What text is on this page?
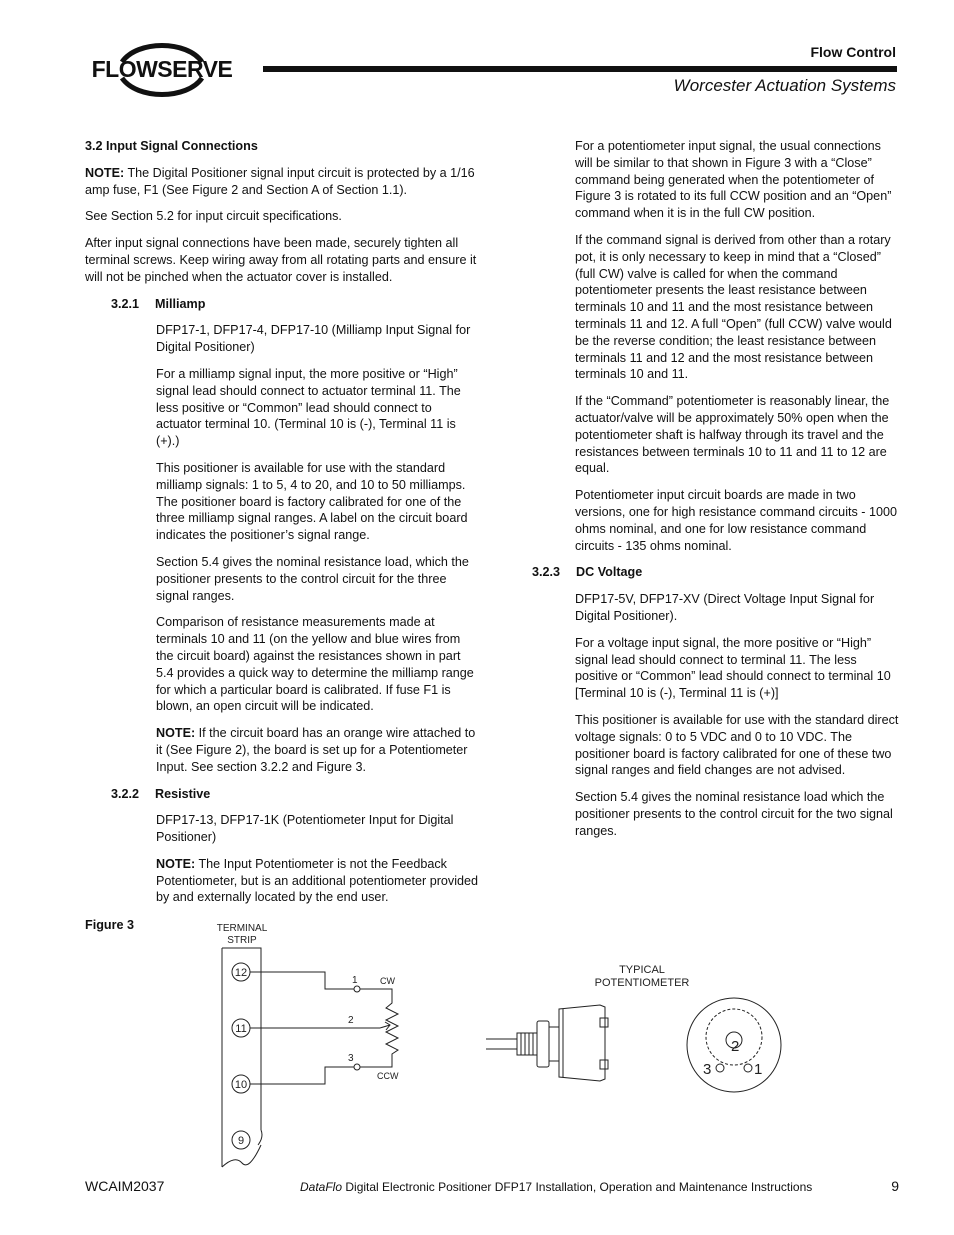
FLOWSERVE
Flow Control
Worcester Actuation Systems
3.2 Input Signal Connections

NOTE: The Digital Positioner signal input circuit is protected by a 1/16 amp fuse, F1 (See Figure 2 and Section A of Section 1.1).

See Section 5.2 for input circuit specifications.

After input signal connections have been made, securely tighten all terminal screws. Keep wiring away from all rotating parts and ensure it will not be pinched when the actuator cover is installed.

3.2.1 Milliamp

DFP17-1, DFP17-4, DFP17-10 (Milliamp Input Signal for Digital Positioner)

For a milliamp signal input, the more positive or “High” signal lead should connect to actuator terminal 11. The less positive or “Common” lead should connect to actuator terminal 10. (Terminal 10 is (-), Terminal 11 is (+).)

This positioner is available for use with the standard milliamp signals: 1 to 5, 4 to 20, and 10 to 50 milliamps. The positioner board is factory calibrated for one of the three milliamp signal ranges. A label on the circuit board indicates the positioner’s signal range.

Section 5.4 gives the nominal resistance load, which the positioner presents to the control circuit for the three signal ranges.

Comparison of resistance measurements made at terminals 10 and 11 (on the yellow and blue wires from the circuit board) against the resistances shown in part 5.4 provides a quick way to determine the milliamp range for which a particular board is calibrated. If fuse F1 is blown, an open circuit will be indicated.

NOTE: If the circuit board has an orange wire attached to it (See Figure 2), the board is set up for a Potentiometer Input. See section 3.2.2 and Figure 3.

3.2.2 Resistive

DFP17-13, DFP17-1K (Potentiometer Input for Digital Positioner)

NOTE: The Input Potentiometer is not the Feedback Potentiometer, but is an additional potentiometer provided by and externally located by the end user.

For a potentiometer input signal, the usual connections will be similar to that shown in Figure 3 with a “Close” command being generated when the potentiometer of Figure 3 is rotated to its full CCW position and an “Open” command when it is in the full CW position.

If the command signal is derived from other than a rotary pot, it is only necessary to keep in mind that a “Closed” (full CW) valve is called for when the command potentiometer presents the least resistance between terminals 10 and 11 and the most resistance between terminals 11 and 12. A full “Open” (full CCW) valve would be the reverse condition; the least resistance between terminals 11 and 12 and the most resistance between terminals 10 and 11.

If the “Command” potentiometer is reasonably linear, the actuator/valve will be approximately 50% open when the potentiometer shaft is halfway through its travel and the resistances between terminals 10 to 11 and 11 to 12 are equal.

Potentiometer input circuit boards are made in two versions, one for high resistance command circuits - 1000 ohms nominal, and one for low resistance command circuits - 135 ohms nominal.

3.2.3 DC Voltage

DFP17-5V, DFP17-XV (Direct Voltage Input Signal for Digital Positioner).

For a voltage input signal, the more positive or “High” signal lead should connect to terminal 11. The less positive or “Common” lead should connect to terminal 10 [Terminal 10 is (-), Terminal 11 is (+)]

This positioner is available for use with the standard direct voltage signals: 0 to 5 VDC and 0 to 10 VDC. The positioner board is factory calibrated for one of these two signal ranges and field changes are not advised.

Section 5.4 gives the nominal resistance load which the positioner presents to the control circuit for the two signal ranges.

Figure 3	TERMINAL
STRIP
12
11
10
9
1
2
3
CW
CCW
TYPICAL
POTENTIOMETER
2
3	1
WCAIM2037	DataFlo Digital Electronic Positioner DFP17 Installation, Operation and Maintenance Instructions	9
